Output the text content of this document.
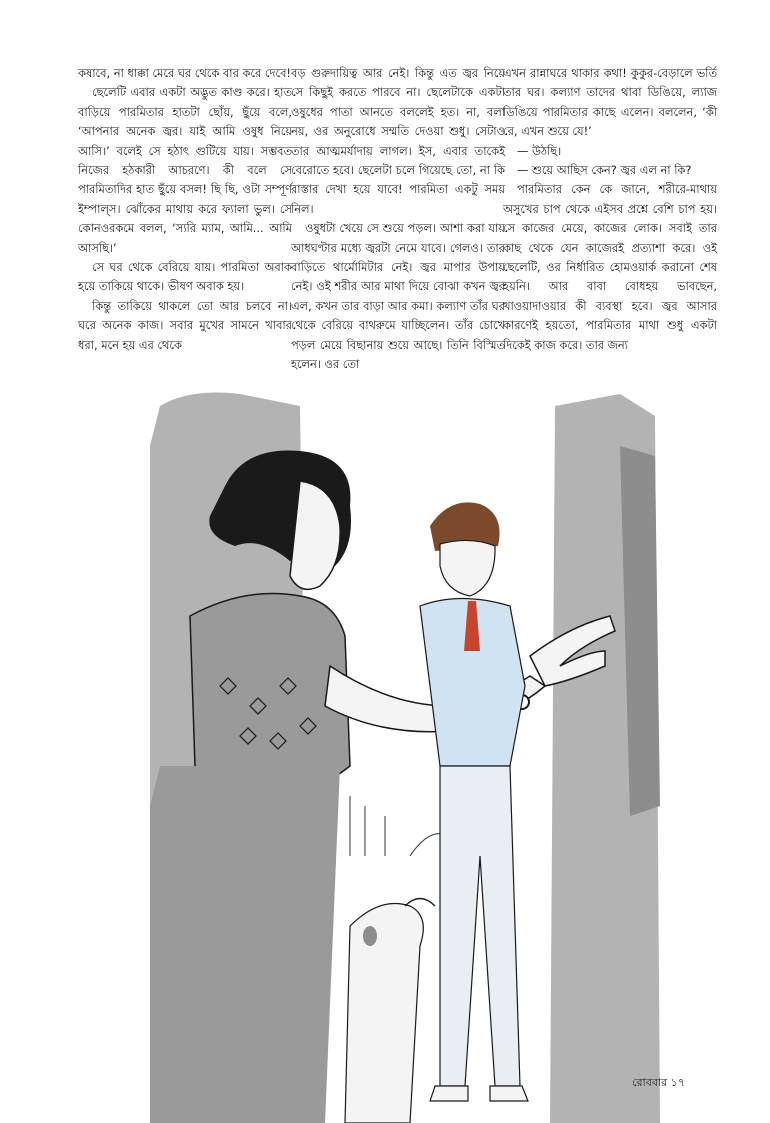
কষাবে, না ধাক্কা মেরে ঘর থেকে বার করে দেবে!

ছেলেটি এবার একটা অদ্ভুত কাণ্ড করে। হাত বাড়িয়ে পারমিতার হাতটা ছোঁয়, ছুঁয়ে বলে, ‘আপনার অনেক জ্বর। যাই আমি ওষুধ নিয়ে আসি।’ বলেই সে হঠাৎ গুটিয়ে যায়। সম্ভবত নিজের হঠকারী আচরণে। কী বলে সে পারমিতাদির হাত ছুঁয়ে বসল! ছি ছি, ওটা সম্পূর্ণ ইম্পাল্‌স। ঝোঁকের মাথায় করে ফ্যালা ভুল। সে কোনওরকমে বলল, ‘স্যরি ম্যাম, আমি... আমি আসছি।’

সে ঘর থেকে বেরিয়ে যায়। পারমিতা অবাক হয়ে তাকিয়ে থাকে। ভীষণ অবাক হয়।

কিন্তু তাকিয়ে থাকলে তো আর চলবে না। ঘরে অনেক কাজ। সবার মুখের সামনে খাবার ধরা, মনে হয় এর থেকে

বড় গুরুদায়িত্ব আর নেই। কিন্তু এত জ্বর নিয়ে সে কিছুই করতে পারবে না। ছেলেটাকে একটা ওষুধের পাতা আনতে বললেই হত। না, বলা নয়, ওর অনুরোধে সম্মতি দেওয়া শুধু। সেটাও তার আত্মমর্যাদায় লাগল। ইস, এবার তাকেই বেরোতে হবে। ছেলেটা চলে গিয়েছে তো, না কি রাস্তার দেখা হয়ে যাবে! পারমিতা একটু সময় নিল।

ওষুধটা খেয়ে সে শুয়ে পড়ল। আশা করা যায় আধঘণ্টার মধ্যে জ্বরটা নেমে যাবে। গেলও। তার বাড়িতে থার্মোমিটার নেই। জ্বর মাপার উপায় নেই। ওই শরীর আর মাথা দিয়ে বোঝা কখন জ্বর এল, কখন তার বাড়া আর কমা। কল্যাণ তাঁর ঘর থেকে বেরিয়ে বাথরুমে যাচ্ছিলেন। তাঁর চোখে পড়ল মেয়ে বিছানায় শুয়ে আছে। তিনি বিস্মিত হলেন। ওর তো

এখন রান্নাঘরে থাকার কথা! কুকুর-বেড়ালে ভর্তি তার ঘর। কল্যাণ তাদের থাবা ডিঙিয়ে, ল্যাজ ডিঙিয়ে পারমিতার কাছে এলেন। বললেন, ‘কী রে, এখন শুয়ে যে!’

— উঠছি।

— শুয়ে আছিস কেন? জ্বর এল না কি?

পারমিতার কেন কে জানে, শরীরে-মাথায় অসুখের চাপ থেকে এইসব প্রশ্নে বেশি চাপ হয়। সে কাজের মেয়ে, কাজের লোক। সবাই তার কাছ থেকে যেন কাজেরই প্রত্যাশা করে। ওই ছেলেটি, ওর নির্ধারিত হোমওয়ার্ক করানো শেষ হয়নি। আর বাবা বোধহয় ভাবছেন, খাওয়াদাওয়ার কী ব্যবস্থা হবে। জ্বর আসার কারণেই হয়তো, পারমিতার মাথা শুধু একটা দিকেই কাজ করে। তার জন্য

রোববার ১৭
